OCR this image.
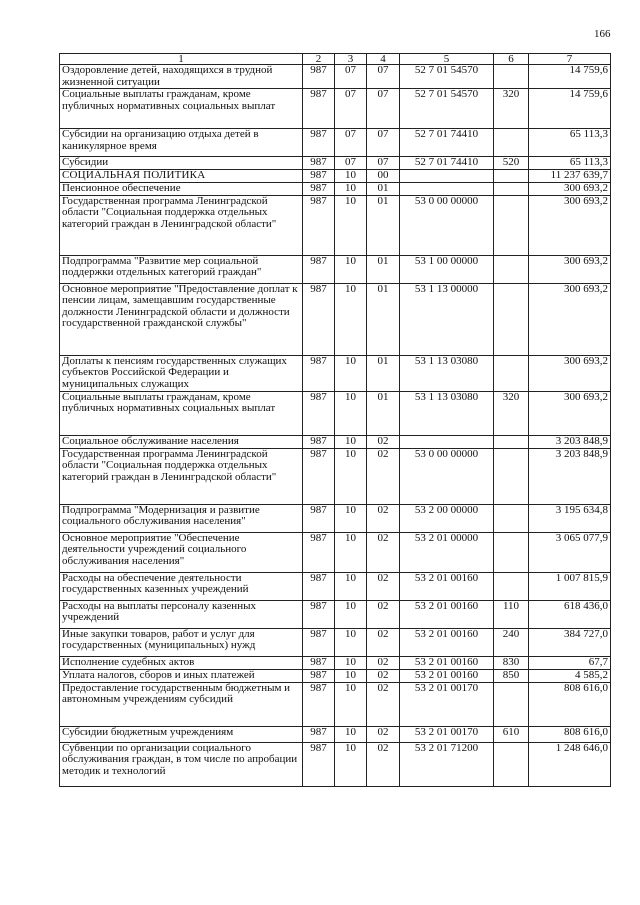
166
1	2	3	4	5	6	7
Оздоровление детей, находящихся в трудной жизненной ситуации	987	07	07	52 7 01 54570		14 759,6
Социальные выплаты гражданам, кроме публичных нормативных социальных выплат	987	07	07	52 7 01 54570	320	14 759,6
Субсидии на организацию отдыха детей в каникулярное время	987	07	07	52 7 01 74410		65 113,3
Субсидии	987	07	07	52 7 01 74410	520	65 113,3
СОЦИАЛЬНАЯ ПОЛИТИКА	987	10	00			11 237 639,7
Пенсионное обеспечение	987	10	01			300 693,2
Государственная программа Ленинградской области "Социальная поддержка отдельных категорий граждан в Ленинградской области"	987	10	01	53 0 00 00000		300 693,2
Подпрограмма "Развитие мер социальной поддержки отдельных категорий граждан"	987	10	01	53 1 00 00000		300 693,2
Основное мероприятие "Предоставление доплат к пенсии лицам, замещавшим государственные должности Ленинградской области и должности государственной гражданской службы"	987	10	01	53 1 13 00000		300 693,2
Доплаты к пенсиям государственных служащих субъектов Российской Федерации и муниципальных служащих	987	10	01	53 1 13 03080		300 693,2
Социальные выплаты гражданам, кроме публичных нормативных социальных выплат	987	10	01	53 1 13 03080	320	300 693,2
Социальное обслуживание населения	987	10	02			3 203 848,9
Государственная программа Ленинградской области "Социальная поддержка отдельных категорий граждан в Ленинградской области"	987	10	02	53 0 00 00000		3 203 848,9
Подпрограмма "Модернизация и развитие социального обслуживания населения"	987	10	02	53 2 00 00000		3 195 634,8
Основное мероприятие "Обеспечение деятельности учреждений социального обслуживания населения"	987	10	02	53 2 01 00000		3 065 077,9
Расходы на обеспечение деятельности государственных казенных учреждений	987	10	02	53 2 01 00160		1 007 815,9
Расходы на выплаты персоналу казенных учреждений	987	10	02	53 2 01 00160	110	618 436,0
Иные закупки товаров, работ и услуг для государственных (муниципальных) нужд	987	10	02	53 2 01 00160	240	384 727,0
Исполнение судебных актов	987	10	02	53 2 01 00160	830	67,7
Уплата налогов, сборов и иных платежей	987	10	02	53 2 01 00160	850	4 585,2
Предоставление государственным бюджетным и автономным учреждениям субсидий	987	10	02	53 2 01 00170		808 616,0
Субсидии бюджетным учреждениям	987	10	02	53 2 01 00170	610	808 616,0
Субвенции по организации социального обслуживания граждан, в том числе по апробации методик и технологий	987	10	02	53 2 01 71200		1 248 646,0
